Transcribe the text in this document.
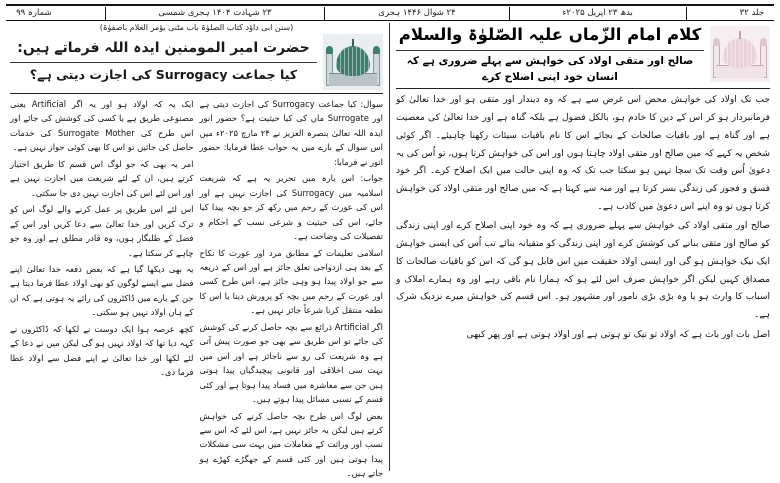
جلد ۳۲
بدھ ۲۳ اپریل ۲۰۲۵ء
۲۴ شوال ۱۴۴۶ ہجری
۲۳ شہادت ۱۴۰۴ ہجری شمسی
شمارہ ۹۹
کلام امام الزّماں علیہ الصّلوٰۃ والسلام
صالح اور متقی اولاد کی خواہش سے پہلے ضروری ہے کہ انسان خود اپنی اصلاح کرے

جب تک اولاد کی خواہش محض اس غرض سے ہے کہ وہ دیندار اور متقی ہو اور خدا تعالیٰ کو فرمانبردار ہو کر اس کے دین کا خادم ہو، بالکل فضول ہے بلکہ گناہ ہے اور خدا تعالیٰ کی معصیت ہے اور گناہ ہے اور باقیات صالحات کے بجائے اس کا نام باقیات سیئات رکھنا چاہیئے۔ اگر کوئی شخص یہ کہے کہ میں صالح اور متقی اولاد چاہتا ہوں اور اس کی خواہش کرتا ہوں، تو اُس کی یہ دعویٰ اُس وقت تک سچا نہیں ہو سکتا جب تک کہ وہ اپنی حالت میں ایک اصلاح کرے۔ اگر خود فسق و فجور کی زندگی بسر کرتا ہے اور منہ سے کہتا ہے کہ میں صالح اور متقی اولاد کی خواہش کرتا ہوں تو وہ اپنے اس دعویٰ میں کاذب ہے۔

صالح اور متقی اولاد کی خواہش سے پہلے ضروری ہے کہ وہ خود اپنی اصلاح کرے اور اپنی زندگی کو صالح اور متقی بنانے کی کوشش کرے اور اپنی زندگی کو متقیانہ بنائے تب اُس کی ایسی خواہش ایک نیک خواہش ہو گی اور ایسی اولاد حقیقت میں اس قابل ہو گی کہ اس کو باقیات صالحات کا مصداق کہیں لیکن اگر خواہش صرف اس لئے ہو کہ ہمارا نام باقی رہے اور وہ ہمارے املاک و اسباب کا وارث ہو یا وہ بڑی بڑی نامور اور مشہور ہو۔ اس قسم کی خواہش میرے نزدیک شرک ہے۔

اصل بات اور بات ہے کہ اولاد تو نیک تو ہوتی ہے اور اولاد ہوتی ہے اور پھر کبھی

(سنن ابی داؤد کتاب الصلوٰۃ باب مٹنی یؤمر الغلام باصفوٰۃ)
حضرت امیر المومنین ایدہ اللہ فرماتے ہیں:
کیا جماعت Surrogacy کی اجازت دیتی ہے؟

سوال: کیا جماعت Surrogacy کی اجازت دیتی ہے اور Surrogate ماں کی کیا حیثیت ہے؟ حضور انور ایدہ اللہ تعالیٰ بنصرہ العزیز نے ۲۴ مارچ ۲۰۲۵ء میں اس سوال کے بارے میں یہ جواب عطا فرمایا: حضور انور نے فرمایا:

جواب: اس بارہ میں تحریر یہ ہے کہ شریعت اسلامیہ میں Surrogacy کی اجازت نہیں ہے اور اس کی عورت کے رحم میں رکھ کر جو بچہ پیدا کیا جائے، اس کی حیثیت و شرعی نسب کے احکام و تفصیلات کی وضاحت ہے۔

اسلامی تعلیمات کے مطابق مرد اور عورت کا نکاح کے بعد ہی ازدواجی تعلق جائز ہے اور اس کے ذریعہ سے جو اولاد پیدا ہو وہی جائز ہے، اس طرح کسی اور عورت کے رحم میں بچہ کو پرورش دینا یا اس کا نطفہ منتقل کرنا شرعاً جائز نہیں ہے۔

اگر Artificial ذرائع سے بچہ حاصل کرنے کی کوشش کی جائے تو اس طریق سے بھی جو صورت پیش آتی ہے وہ شریعت کی رو سے ناجائز ہے اور اس میں بہت سی اخلاقی اور قانونی پیچیدگیاں پیدا ہوتی ہیں جن سے معاشرہ میں فساد پیدا ہوتا ہے اور کئی قسم کے نسبی مسائل پیدا ہوتے ہیں۔

بعض لوگ اس طرح بچہ حاصل کرنے کی خواہش کرتے ہیں لیکن یہ جائز نہیں ہے، اس لئے کہ اس سے نسب اور وراثت کے معاملات میں بہت سی مشکلات پیدا ہوتی ہیں اور کئی قسم کے جھگڑے کھڑے ہو جاتے ہیں۔

ایک یہ کہ اولاد ہو اور یہ اگر Artificial یعنی مصنوعی طریق ہے یا کسی کی کوشش کی جائے اور اس طرح کی Surrogate Mother کی خدمات حاصل کی جائیں تو اس کا بھی کوئی جواز نہیں ہے۔

امر یہ بھی کہ جو لوگ اس قسم کا طریق اختیار کرتے ہیں، ان کے لئے شریعت میں اجازت نہیں ہے اور اس لئے اس کی اجازت نہیں دی جا سکتی۔

اس لئے اس طریق پر عمل کرنے والے لوگ اس کو ترک کریں اور خدا تعالیٰ سے دعا کریں اور اس کے فضل کے طلبگار ہوں، وہ قادر مطلق ہے اور وہ جو چاہے کر سکتا ہے۔

یہ بھی دیکھا گیا ہے کہ بعض دفعہ خدا تعالیٰ اپنے فضل سے ایسے لوگوں کو بھی اولاد عطا فرما دیتا ہے جن کے بارے میں ڈاکٹروں کی رائے یہ ہوتی ہے کہ ان کے ہاں اولاد نہیں ہو سکتی۔

کچھ عرصہ ہوا ایک دوست نے لکھا کہ ڈاکٹروں نے کہہ دیا تھا کہ اولاد نہیں ہو گی لیکن میں نے دعا کے لئے لکھا اور خدا تعالیٰ نے اپنے فضل سے اولاد عطا فرما دی۔
